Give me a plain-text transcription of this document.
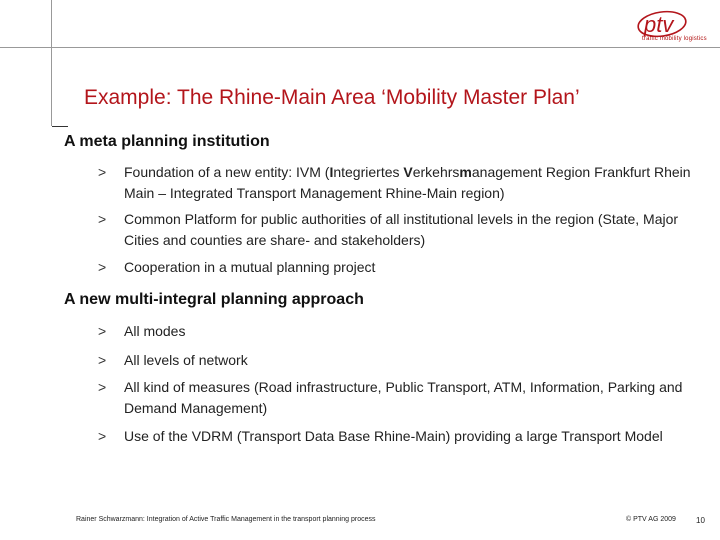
ptv
traffic mobility logistics
Example: The Rhine-Main Area ‘Mobility Master Plan’
A meta planning institution
> Foundation of a new entity: IVM (Integriertes Verkehrsmanagement Region Frankfurt Rhein Main – Integrated Transport Management Rhine-Main region)
> Common Platform for public authorities of all institutional levels in the region (State, Major Cities and counties are share- and stakeholders)
> Cooperation in a mutual planning project
A new multi-integral planning approach
> All modes
> All levels of network
> All kind of measures (Road infrastructure, Public Transport, ATM, Information, Parking and Demand Management)
> Use of the VDRM (Transport Data Base Rhine-Main) providing a large Transport Model
Rainer Schwarzmann: Integration of Active Traffic Management in the transport planning process	© PTV AG 2009	10
